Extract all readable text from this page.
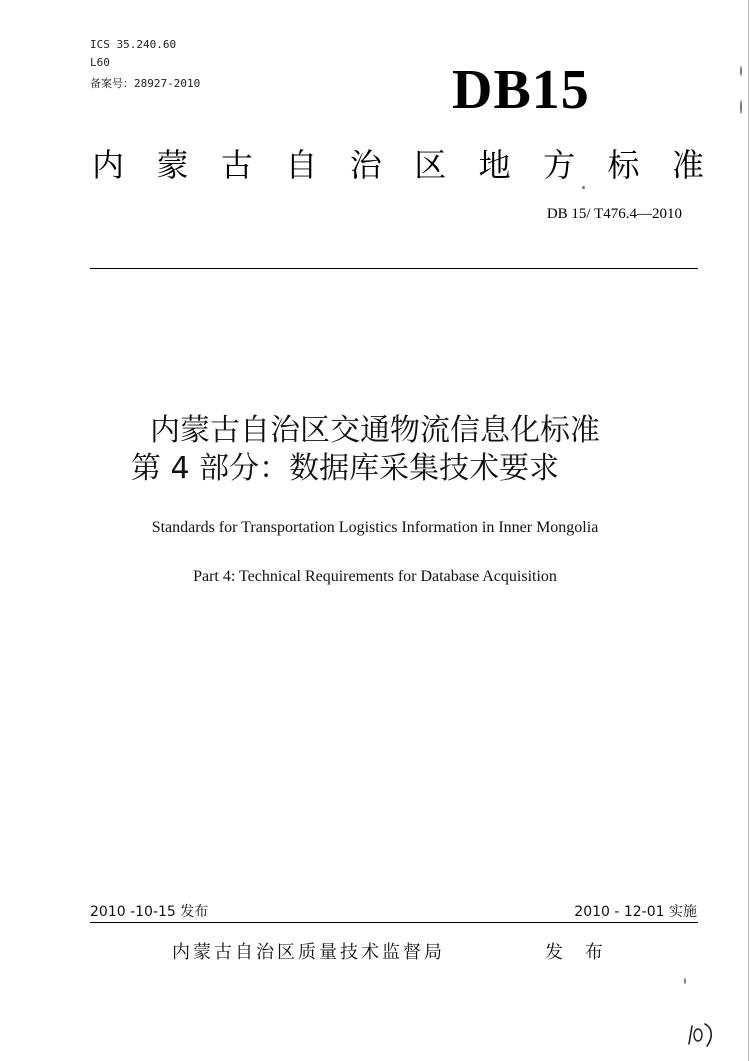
ICS 35.240.60
L60
备案号：28927-2010	DB15
内 蒙 古 自 治 区 地 方 标 准
DB 15/ T476.4—2010
内蒙古自治区交通物流信息化标准
第 4 部分：数据库采集技术要求
Standards for Transportation Logistics Information in Inner Mongolia
Part 4: Technical Requirements for Database Acquisition
2010 -10-15 发布	2010 - 12-01 实施
内蒙古自治区质量技术监督局	发 布
